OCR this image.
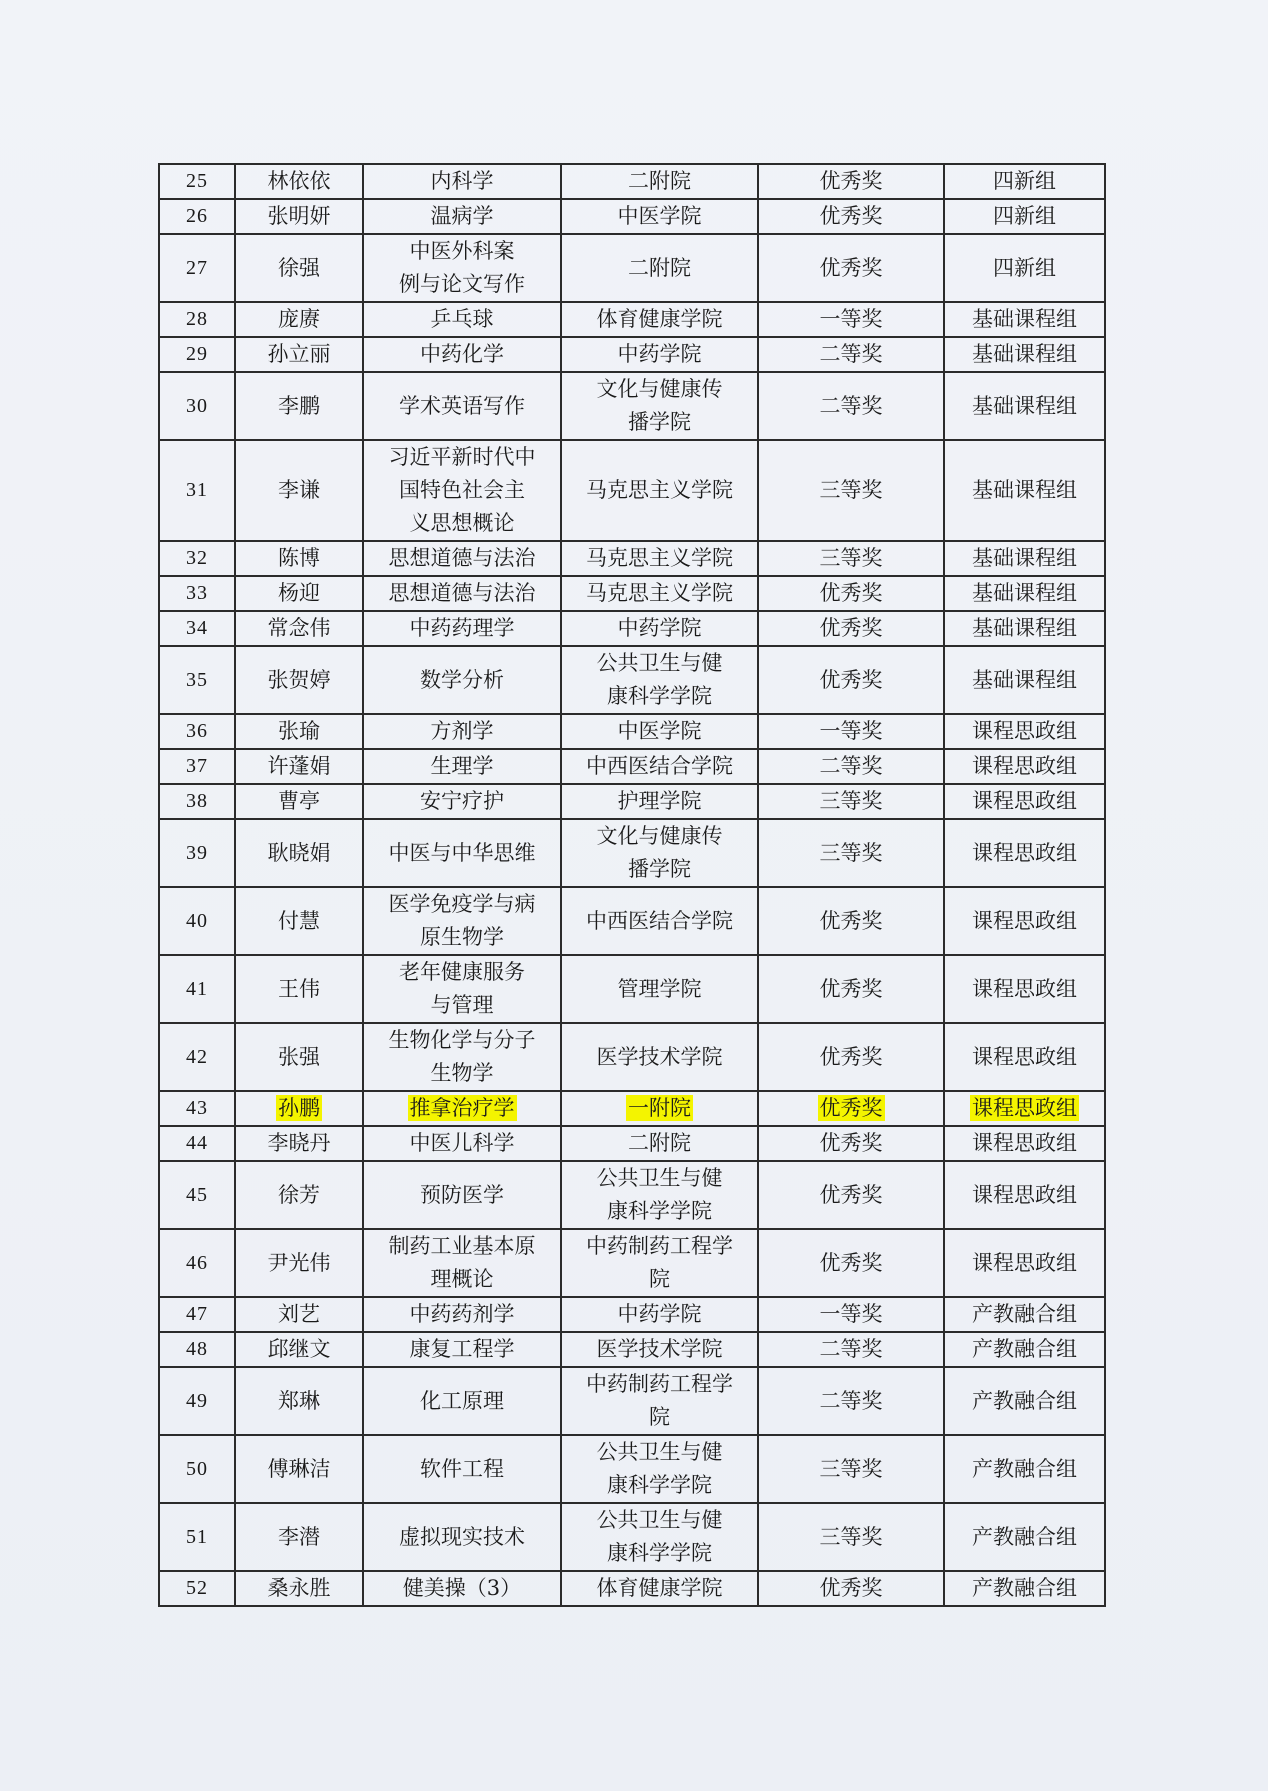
25	林依依	内科学	二附院	优秀奖	四新组
26	张明妍	温病学	中医学院	优秀奖	四新组
27	徐强	中医外科案
例与论文写作	二附院	优秀奖	四新组
28	庞赓	乒乓球	体育健康学院	一等奖	基础课程组
29	孙立丽	中药化学	中药学院	二等奖	基础课程组
30	李鹏	学术英语写作	文化与健康传
播学院	二等奖	基础课程组
31	李谦	习近平新时代中
国特色社会主
义思想概论	马克思主义学院	三等奖	基础课程组
32	陈博	思想道德与法治	马克思主义学院	三等奖	基础课程组
33	杨迎	思想道德与法治	马克思主义学院	优秀奖	基础课程组
34	常念伟	中药药理学	中药学院	优秀奖	基础课程组
35	张贺婷	数学分析	公共卫生与健
康科学学院	优秀奖	基础课程组
36	张瑜	方剂学	中医学院	一等奖	课程思政组
37	许蓬娟	生理学	中西医结合学院	二等奖	课程思政组
38	曹亭	安宁疗护	护理学院	三等奖	课程思政组
39	耿晓娟	中医与中华思维	文化与健康传
播学院	三等奖	课程思政组
40	付慧	医学免疫学与病
原生物学	中西医结合学院	优秀奖	课程思政组
41	王伟	老年健康服务
与管理	管理学院	优秀奖	课程思政组
42	张强	生物化学与分子
生物学	医学技术学院	优秀奖	课程思政组
43	孙鹏	推拿治疗学	一附院	优秀奖	课程思政组
44	李晓丹	中医儿科学	二附院	优秀奖	课程思政组
45	徐芳	预防医学	公共卫生与健
康科学学院	优秀奖	课程思政组
46	尹光伟	制药工业基本原
理概论	中药制药工程学
院	优秀奖	课程思政组
47	刘艺	中药药剂学	中药学院	一等奖	产教融合组
48	邱继文	康复工程学	医学技术学院	二等奖	产教融合组
49	郑琳	化工原理	中药制药工程学
院	二等奖	产教融合组
50	傅琳洁	软件工程	公共卫生与健
康科学学院	三等奖	产教融合组
51	李潜	虚拟现实技术	公共卫生与健
康科学学院	三等奖	产教融合组
52	桑永胜	健美操（3）	体育健康学院	优秀奖	产教融合组
